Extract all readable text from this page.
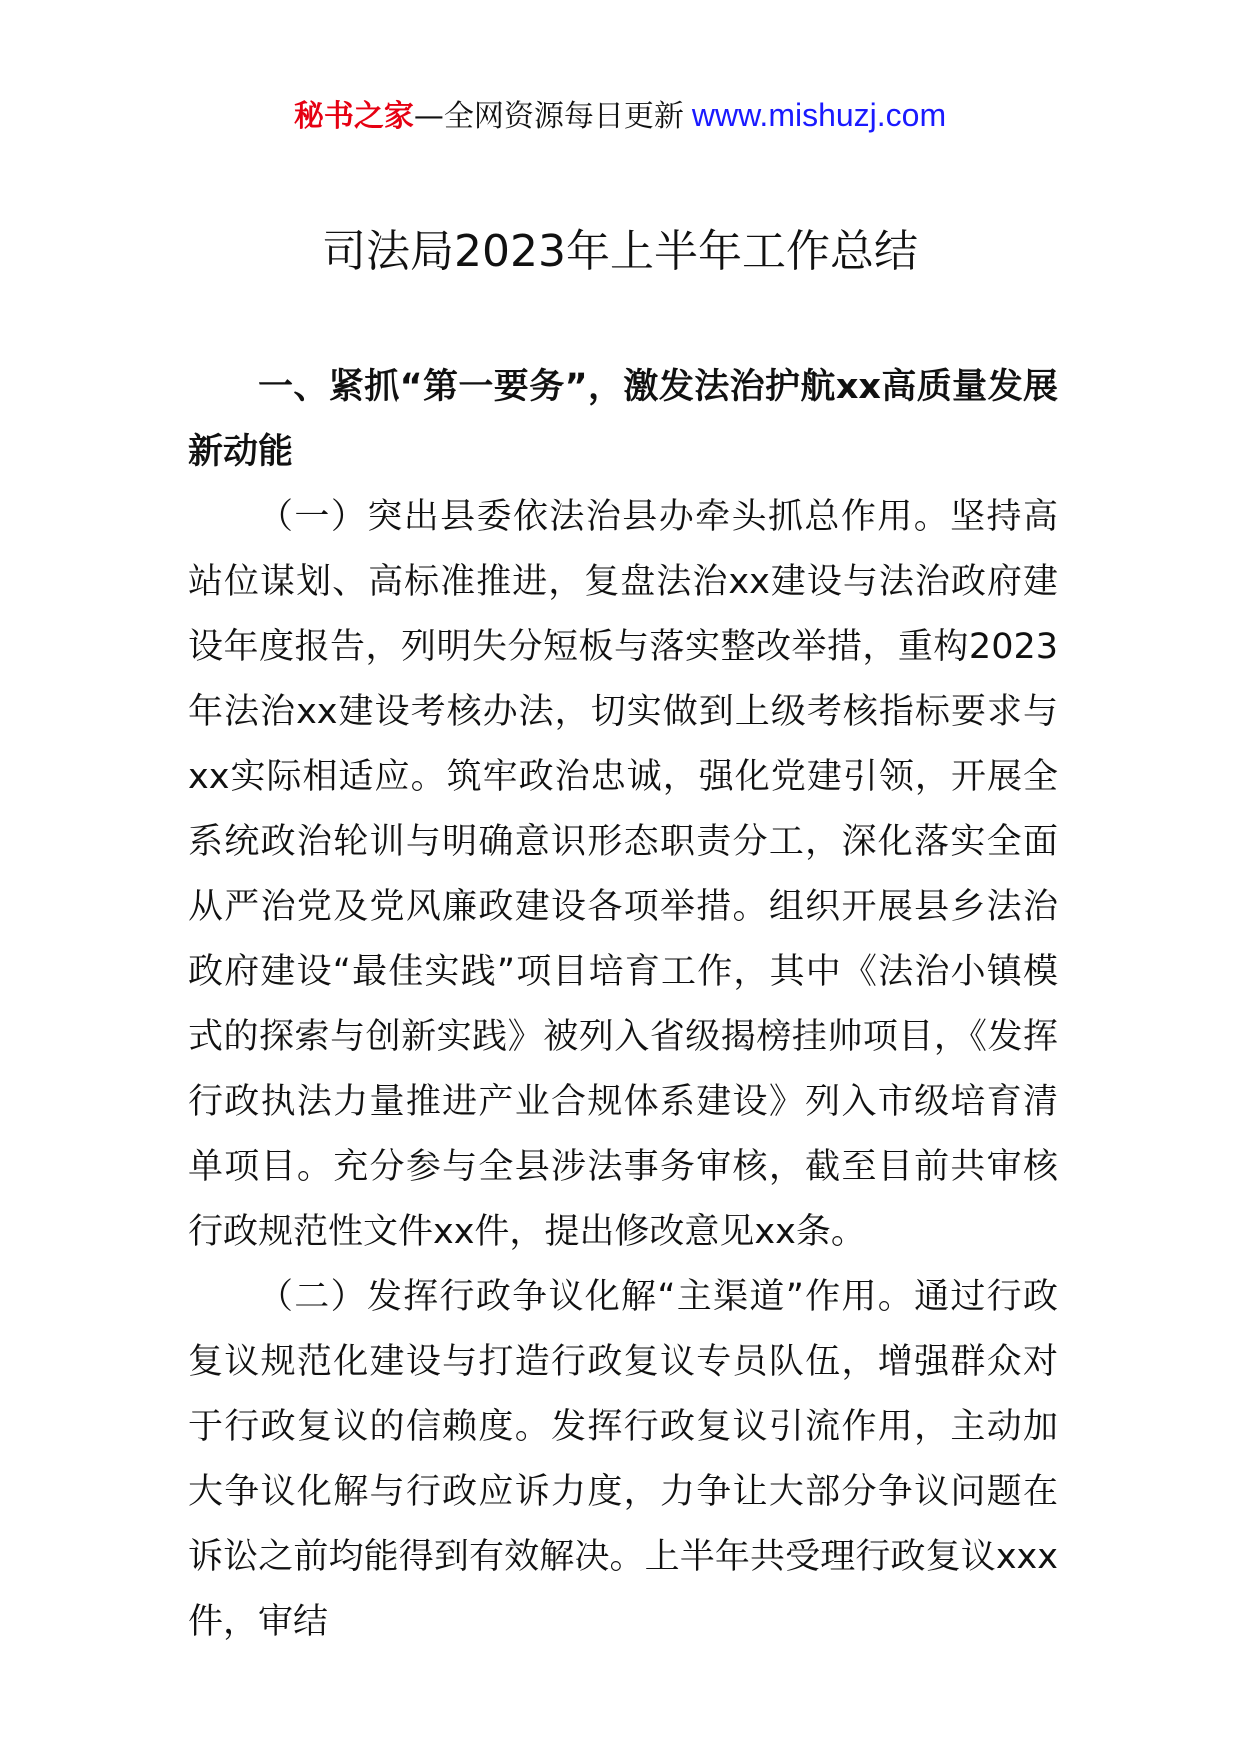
秘书之家—全网资源每日更新 www.mishuzj.com
司法局2023年上半年工作总结

一、紧抓“第一要务”，激发法治护航xx高质量发展新动能

（一）突出县委依法治县办牵头抓总作用。坚持高站位谋划、高标准推进，复盘法治xx建设与法治政府建设年度报告，列明失分短板与落实整改举措，重构2023年法治xx建设考核办法，切实做到上级考核指标要求与xx实际相适应。筑牢政治忠诚，强化党建引领，开展全系统政治轮训与明确意识形态职责分工，深化落实全面从严治党及党风廉政建设各项举措。组织开展县乡法治政府建设“最佳实践”项目培育工作，其中《法治小镇模式的探索与创新实践》被列入省级揭榜挂帅项目，《发挥行政执法力量推进产业合规体系建设》列入市级培育清单项目。充分参与全县涉法事务审核，截至目前共审核行政规范性文件xx件，提出修改意见xx条。

（二）发挥行政争议化解“主渠道”作用。通过行政复议规范化建设与打造行政复议专员队伍，增强群众对于行政复议的信赖度。发挥行政复议引流作用，主动加大争议化解与行政应诉力度，力争让大部分争议问题在诉讼之前均能得到有效解决。上半年共受理行政复议xxx件，审结
